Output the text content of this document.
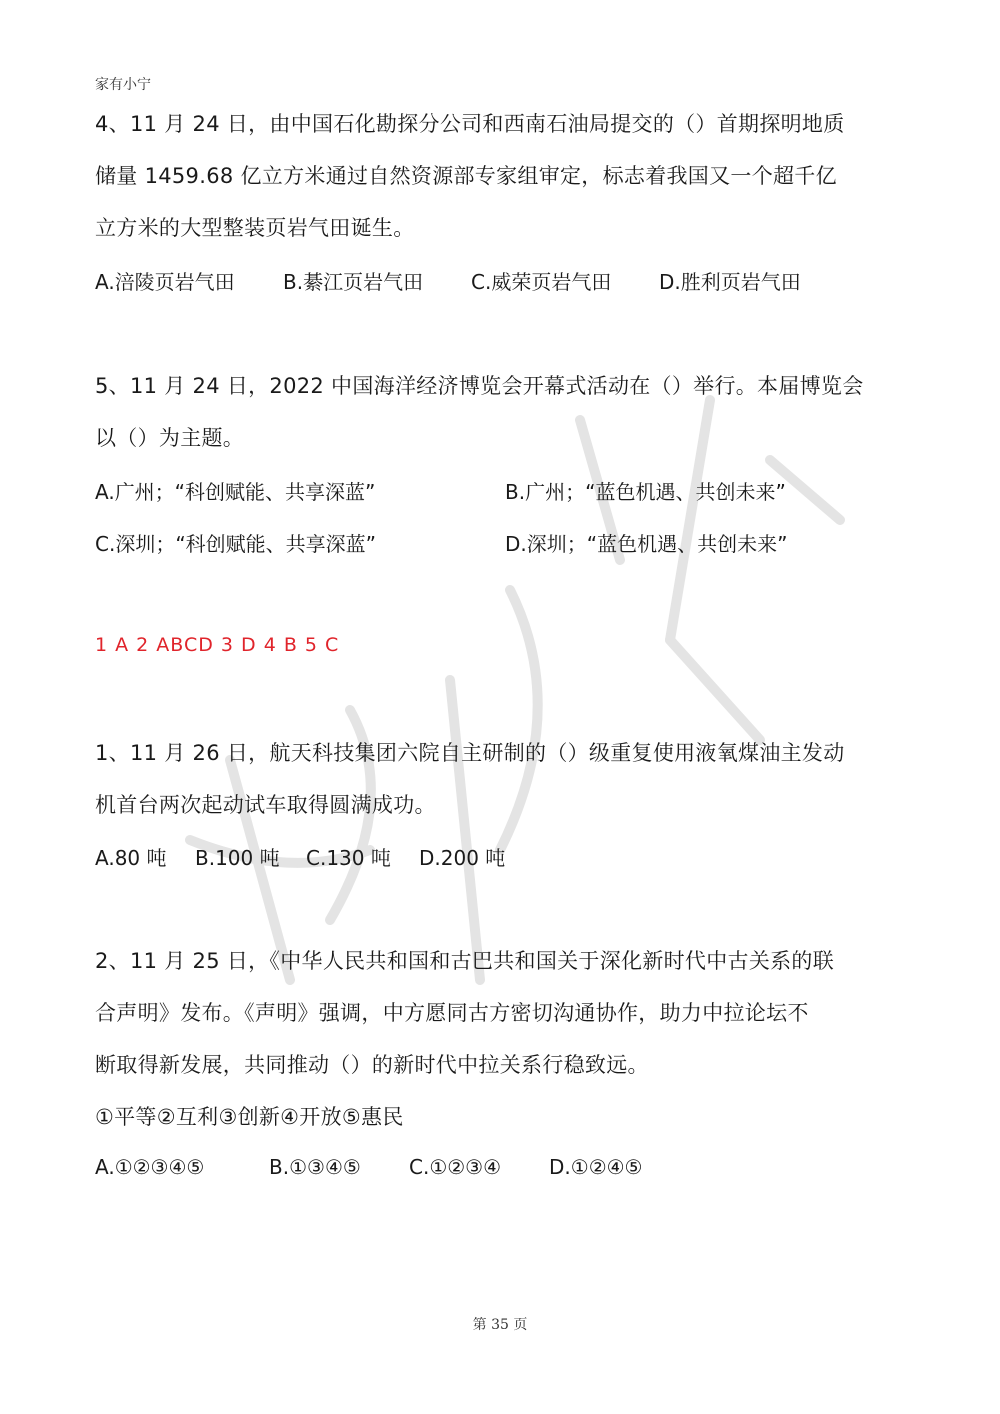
家有小宁
4、11 月 24 日，由中国石化勘探分公司和西南石油局提交的（）首期探明地质
储量 1459.68 亿立方米通过自然资源部专家组审定，标志着我国又一个超千亿
立方米的大型整装页岩气田诞生。
A.涪陵页岩气田 B.綦江页岩气田 C.威荣页岩气田 D.胜利页岩气田
5、11 月 24 日，2022 中国海洋经济博览会开幕式活动在（）举行。本届博览会
以（）为主题。
A.广州；“科创赋能、共享深蓝”	B.广州；“蓝色机遇、共创未来”
C.深圳；“科创赋能、共享深蓝”	D.深圳；“蓝色机遇、共创未来”
1 A 2 ABCD 3 D 4 B 5 C
1、11 月 26 日，航天科技集团六院自主研制的（）级重复使用液氧煤油主发动
机首台两次起动试车取得圆满成功。
A.80 吨 B.100 吨 C.130 吨 D.200 吨
2、11 月 25 日，《中华人民共和国和古巴共和国关于深化新时代中古关系的联
合声明》发布。《声明》强调，中方愿同古方密切沟通协作，助力中拉论坛不
断取得新发展，共同推动（）的新时代中拉关系行稳致远。
①平等②互利③创新④开放⑤惠民
A.①②③④⑤	B.①③④⑤ C.①②③④ D.①②④⑤
第 35 页
